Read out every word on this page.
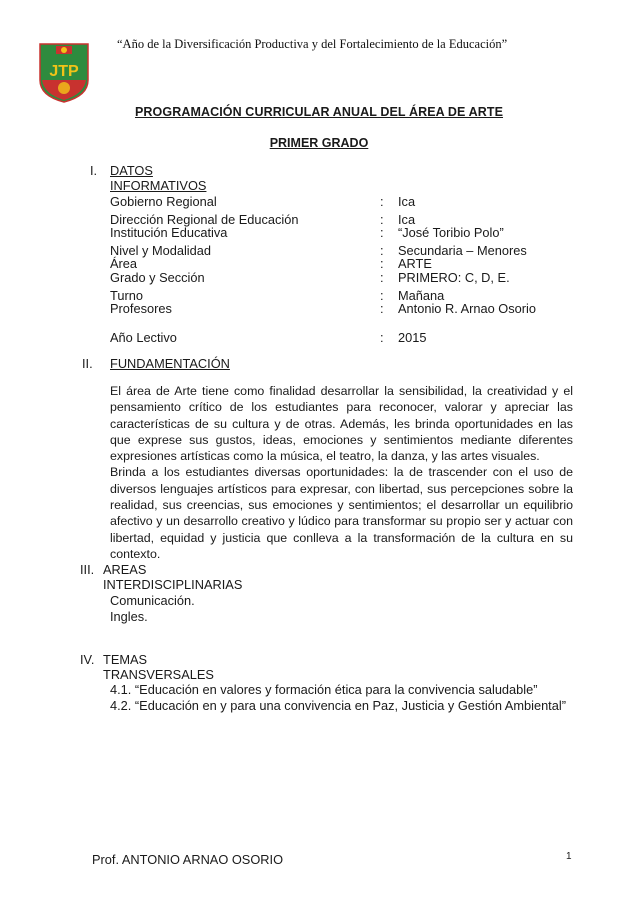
“Año de la Diversificación Productiva y del Fortalecimiento de la Educación”
JTP
PROGRAMACIÓN CURRICULAR ANUAL DEL ÁREA DE ARTE
PRIMER GRADO
I. DATOS INFORMATIVOS
Gobierno Regional	: Ica
Dirección Regional de Educación	: Ica
Institución Educativa	: “José Toribio Polo”
Nivel y Modalidad	: Secundaria – Menores
Área	: ARTE
Grado y Sección	: PRIMERO: C, D, E.
Turno	: Mañana
Profesores	: Antonio R. Arnao Osorio
Año Lectivo	: 2015
II. FUNDAMENTACIÓN

El área de Arte tiene como finalidad desarrollar la sensibilidad, la creatividad y el pensamiento crítico de los estudiantes para reconocer, valorar y apreciar las características de su cultura y de otras. Además, les brinda oportunidades en las que exprese sus gustos, ideas, emociones y sentimientos mediante diferentes expresiones artísticas como la música, el teatro, la danza, y las artes visuales.

Brinda a los estudiantes diversas oportunidades: la de trascender con el uso de diversos lenguajes artísticos para expresar, con libertad, sus percepciones sobre la realidad, sus creencias, sus emociones y sentimientos; el desarrollar un equilibrio afectivo y un desarrollo creativo y lúdico para transformar su propio ser y actuar con libertad, equidad y justicia que conlleva a la transformación de la cultura en su contexto.

III. AREAS INTERDISCIPLINARIAS
Comunicación.
Ingles.
IV. TEMAS TRANSVERSALES
4.1. “Educación en valores y formación ética para la convivencia saludable”
4.2. “Educación en y para una convivencia en Paz, Justicia y Gestión Ambiental”
Prof. ANTONIO ARNAO OSORIO	1
